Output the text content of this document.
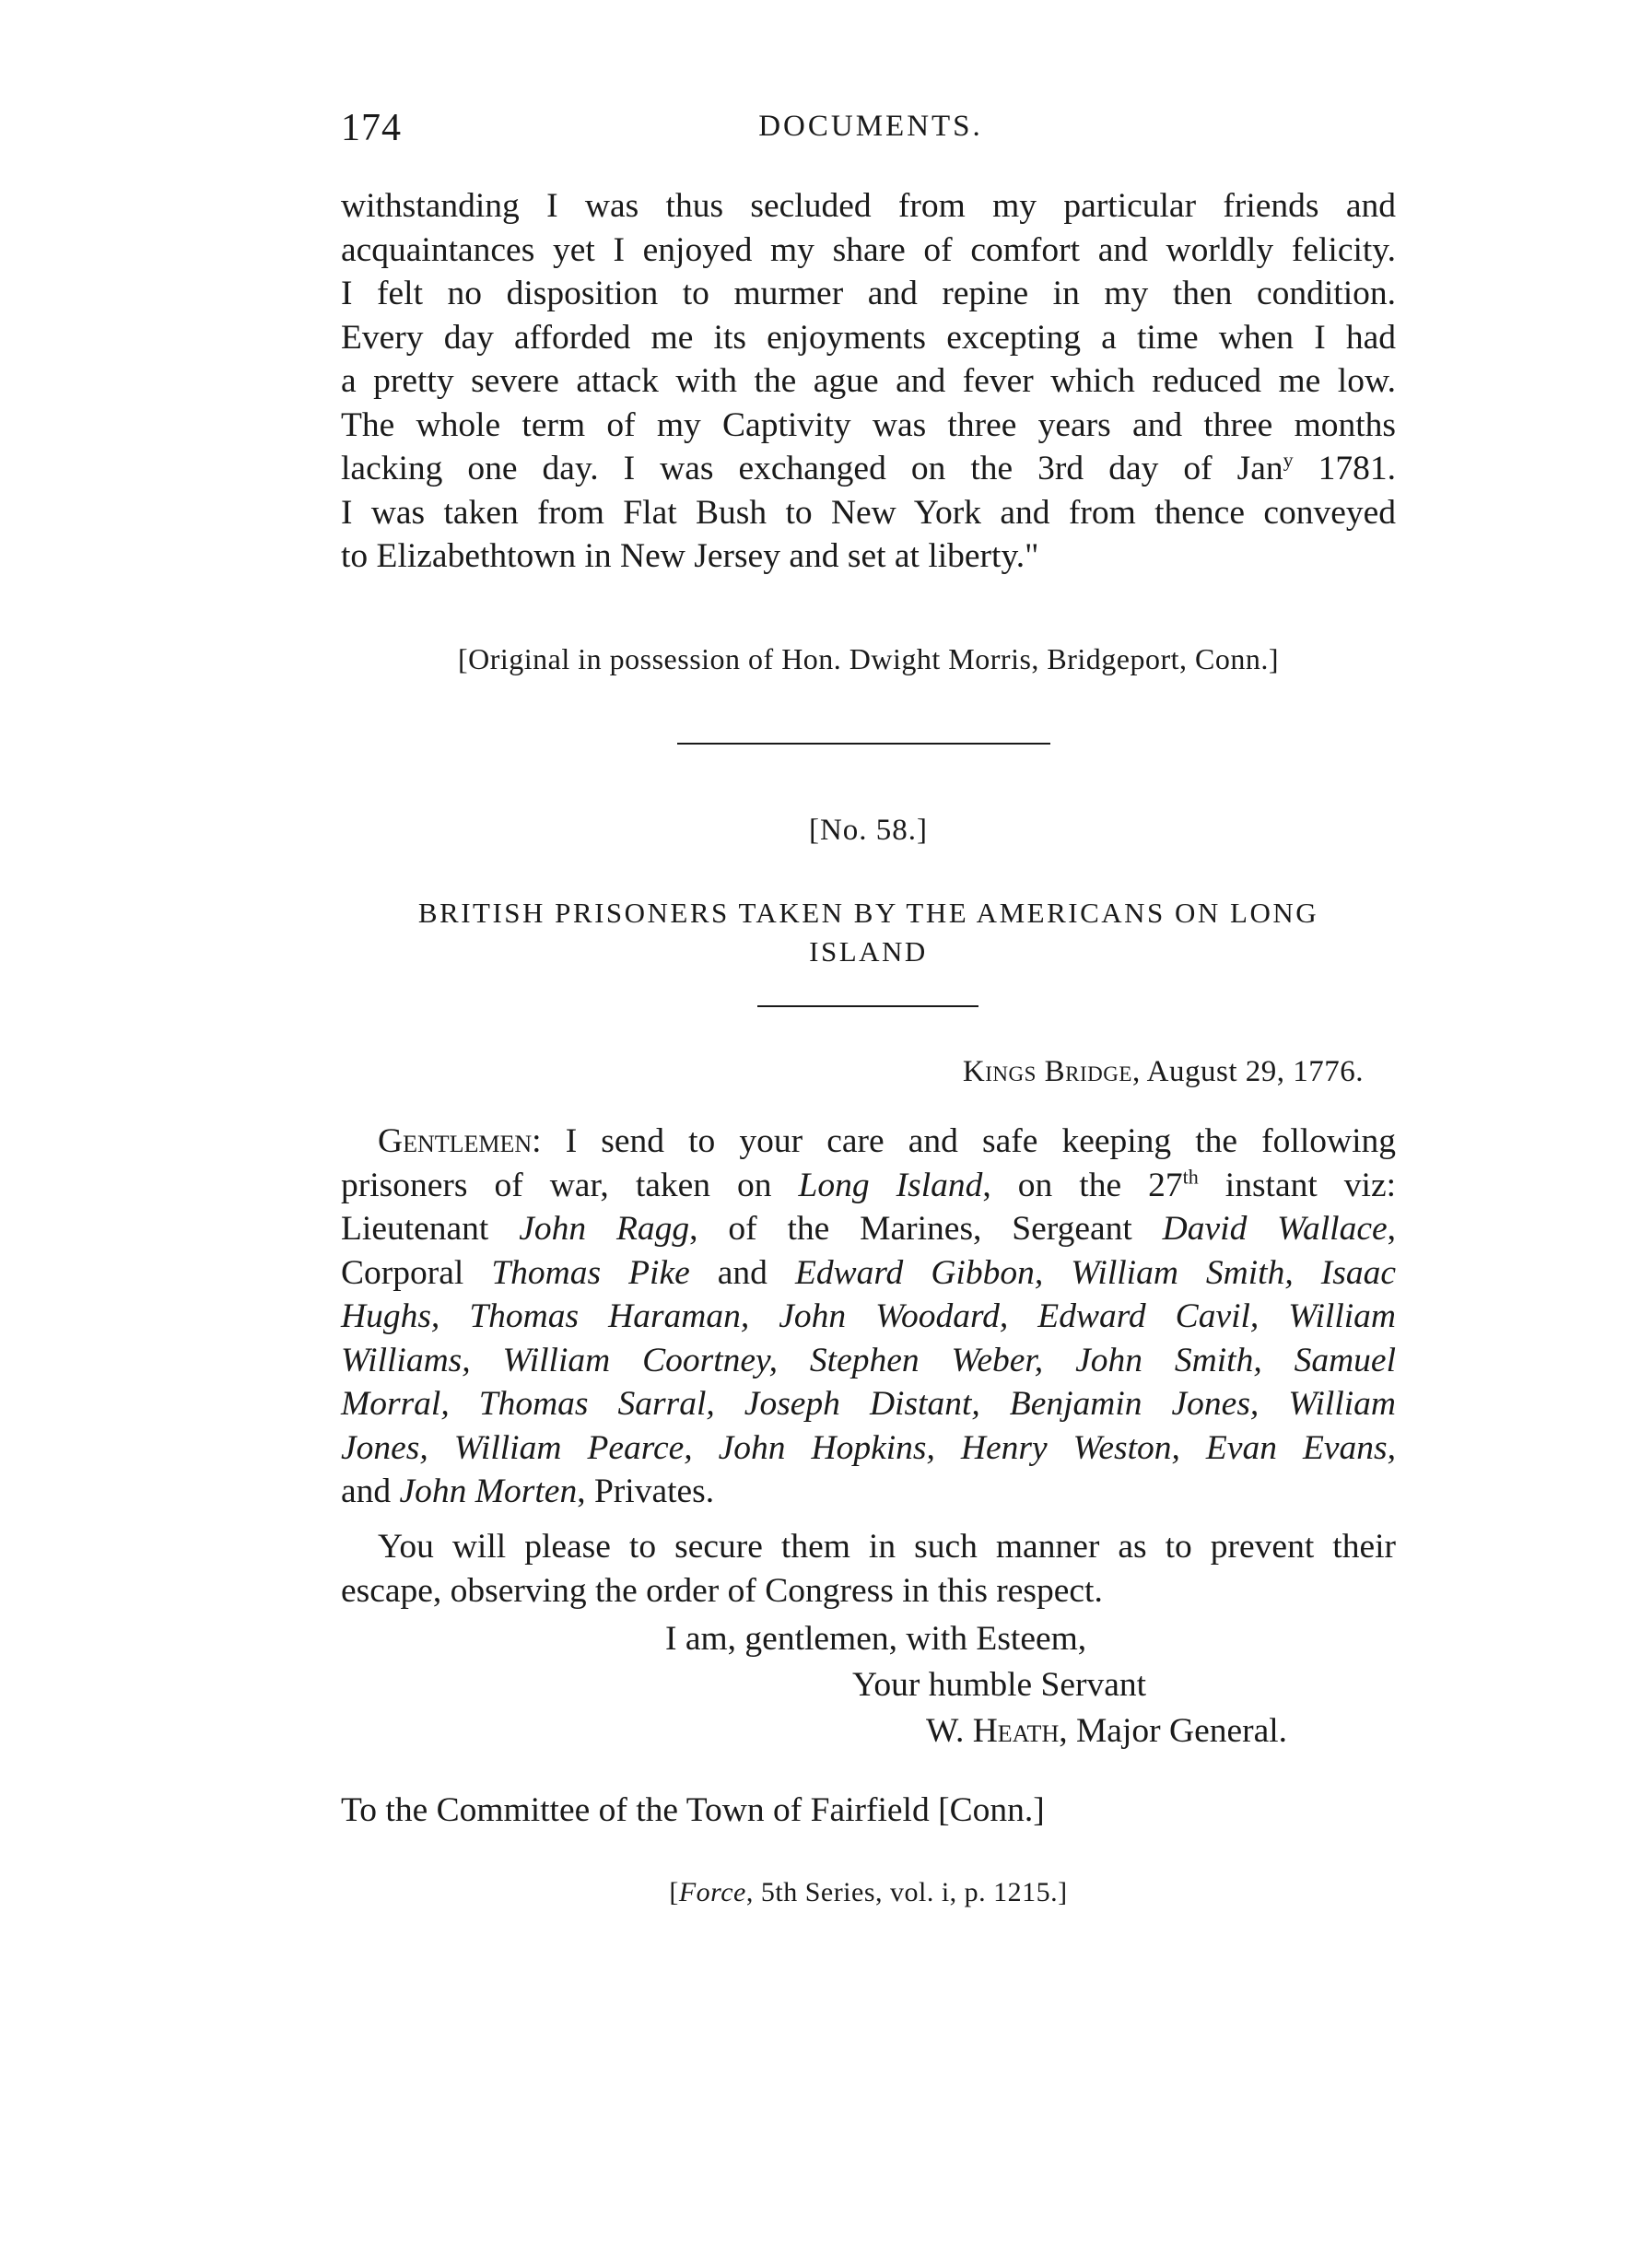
174	DOCUMENTS.
withstanding I was thus secluded from my particular friends and
acquaintances yet I enjoyed my share of comfort and worldly felicity.
I felt no disposition to murmer and repine in my then condition.
Every day afforded me its enjoyments excepting a time when I had
a pretty severe attack with the ague and fever which reduced me low.
The whole term of my Captivity was three years and three months
lacking one day. I was exchanged on the 3rd day of Jan$^y$ 1781.
I was taken from Flat Bush to New York and from thence conveyed
to Elizabethtown in New Jersey and set at liberty."
[Original in possession of Hon. Dwight Morris, Bridgeport, Conn.]
[No. 58.]
BRITISH PRISONERS TAKEN BY THE AMERICANS ON LONG
ISLAND
Kings Bridge, August 29, 1776.
Gentlemen: I send to your care and safe keeping the following
prisoners of war, taken on Long Island, on the 27th instant viz:
Lieutenant John Ragg, of the Marines, Sergeant David Wallace,
Corporal Thomas Pike and Edward Gibbon, William Smith, Isaac
Hughs, Thomas Haraman, John Woodard, Edward Cavil, William
Williams, William Coortney, Stephen Weber, John Smith, Samuel
Morral, Thomas Sarral, Joseph Distant, Benjamin Jones, William
Jones, William Pearce, John Hopkins, Henry Weston, Evan Evans,
and John Morten, Privates.
You will please to secure them in such manner as to prevent their
escape, observing the order of Congress in this respect.
I am, gentlemen, with Esteem,
Your humble Servant
W. Heath, Major General.
To the Committee of the Town of Fairfield [Conn.]
[Force, 5th Series, vol. i, p. 1215.]
